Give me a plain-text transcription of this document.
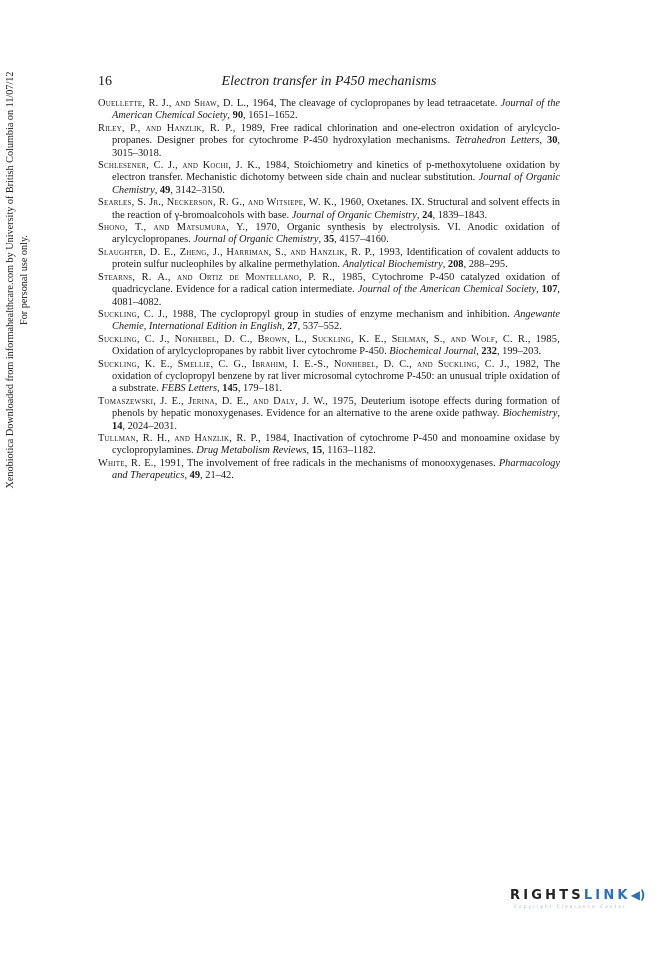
Xenobiotica Downloaded from informahealthcare.com by University of British Columbia on 11/07/12 For personal use only.
16	Electron transfer in P450 mechanisms

Ouellette, R. J., and Shaw, D. L., 1964, The cleavage of cyclopropanes by lead tetraacetate. Journal of the American Chemical Society, 90, 1651–1652.

Riley, P., and Hanzlik, R. P., 1989, Free radical chlorination and one-electron oxidation of arylcyclo-propanes. Designer probes for cytochrome P-450 hydroxylation mechanisms. Tetrahedron Letters, 30, 3015–3018.

Schlesener, C. J., and Kochi, J. K., 1984, Stoichiometry and kinetics of p-methoxytoluene oxidation by electron transfer. Mechanistic dichotomy between side chain and nuclear substitution. Journal of Organic Chemistry, 49, 3142–3150.

Searles, S. Jr., Neckerson, R. G., and Witsiepe, W. K., 1960, Oxetanes. IX. Structural and solvent effects in the reaction of γ-bromoalcohols with base. Journal of Organic Chemistry, 24, 1839–1843.

Shono, T., and Matsumura, Y., 1970, Organic synthesis by electrolysis. VI. Anodic oxidation of arylcyclopropanes. Journal of Organic Chemistry, 35, 4157–4160.

Slaughter, D. E., Zheng, J., Harriman, S., and Hanzlik, R. P., 1993, Identification of covalent adducts to protein sulfur nucleophiles by alkaline permethylation. Analytical Biochemistry, 208, 288–295.

Stearns, R. A., and Ortiz de Montellano, P. R., 1985, Cytochrome P-450 catalyzed oxidation of quadricyclane. Evidence for a radical cation intermediate. Journal of the American Chemical Society, 107, 4081–4082.

Suckling, C. J., 1988, The cyclopropyl group in studies of enzyme mechanism and inhibition. Angewante Chemie, International Edition in English, 27, 537–552.

Suckling, C. J., Nonhebel, D. C., Brown, L., Suckling, K. E., Seilman, S., and Wolf, C. R., 1985, Oxidation of arylcyclopropanes by rabbit liver cytochrome P-450. Biochemical Journal, 232, 199–203.

Suckling, K. E., Smellie, C. G., Ibrahim, I. E.-S., Nonhebel, D. C., and Suckling, C. J., 1982, The oxidation of cyclopropyl benzene by rat liver microsomal cytochrome P-450: an unusual triple oxidation of a substrate. FEBS Letters, 145, 179–181.

Tomaszewski, J. E., Jerina, D. E., and Daly, J. W., 1975, Deuterium isotope effects during formation of phenols by hepatic monoxygenases. Evidence for an alternative to the arene oxide pathway. Biochemistry, 14, 2024–2031.

Tullman, R. H., and Hanzlik, R. P., 1984, Inactivation of cytochrome P-450 and monoamine oxidase by cyclopropylamines. Drug Metabolism Reviews, 15, 1163–1182.

White, R. E., 1991, The involvement of free radicals in the mechanisms of monooxygenases. Pharmacology and Therapeutics, 49, 21–42.

RIGHTSLINK◀)
Copyright Clearance Center
